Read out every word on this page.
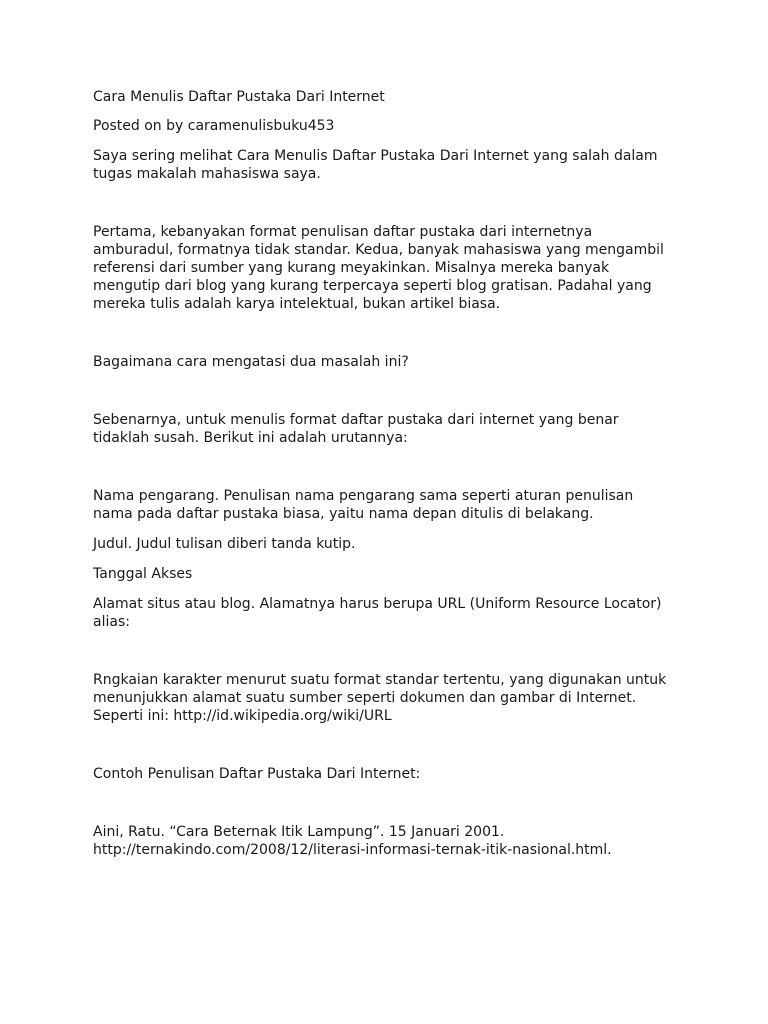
Cara Menulis Daftar Pustaka Dari Internet

Posted on by caramenulisbuku453

Saya sering melihat Cara Menulis Daftar Pustaka Dari Internet yang salah dalam
tugas makalah mahasiswa saya.

Pertama, kebanyakan format penulisan daftar pustaka dari internetnya
amburadul, formatnya tidak standar. Kedua, banyak mahasiswa yang mengambil
referensi dari sumber yang kurang meyakinkan. Misalnya mereka banyak
mengutip dari blog yang kurang terpercaya seperti blog gratisan. Padahal yang
mereka tulis adalah karya intelektual, bukan artikel biasa.

Bagaimana cara mengatasi dua masalah ini?

Sebenarnya, untuk menulis format daftar pustaka dari internet yang benar
tidaklah susah. Berikut ini adalah urutannya:

Nama pengarang. Penulisan nama pengarang sama seperti aturan penulisan
nama pada daftar pustaka biasa, yaitu nama depan ditulis di belakang.

Judul. Judul tulisan diberi tanda kutip.

Tanggal Akses

Alamat situs atau blog. Alamatnya harus berupa URL (Uniform Resource Locator)
alias:

Rngkaian karakter menurut suatu format standar tertentu, yang digunakan untuk
menunjukkan alamat suatu sumber seperti dokumen dan gambar di Internet.
Seperti ini: http://id.wikipedia.org/wiki/URL

Contoh Penulisan Daftar Pustaka Dari Internet:

Aini, Ratu. “Cara Beternak Itik Lampung”. 15 Januari 2001.
http://ternakindo.com/2008/12/literasi-informasi-ternak-itik-nasional.html.
